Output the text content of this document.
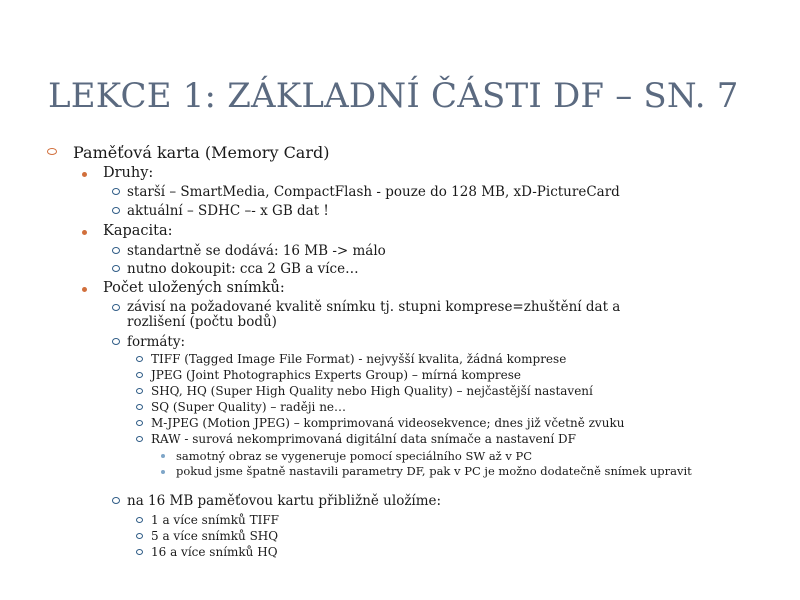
LEKCE 1: ZÁKLADNÍ ČÁSTI DF – SN. 7
Paměťová karta (Memory Card)
Druhy:
starší – SmartMedia, CompactFlash - pouze do 128 MB, xD-PictureCard
aktuální – SDHC –- x GB dat !
Kapacita:
standartně se dodává: 16 MB -> málo
nutno dokoupit: cca 2 GB a více…
Počet uložených snímků:
závisí na požadované kvalitě snímku tj. stupni komprese=zhuštění dat a rozlišení (počtu bodů)
formáty:
TIFF (Tagged Image File Format) - nejvyšší kvalita, žádná komprese
JPEG (Joint Photographics Experts Group) – mírná komprese
SHQ, HQ (Super High Quality nebo High Quality) – nejčastější nastavení
SQ (Super Quality) – raději ne…
M-JPEG (Motion JPEG) – komprimovaná videosekvence; dnes již včetně zvuku
RAW - surová nekomprimovaná digitální data snímače a nastavení DF
samotný obraz se vygeneruje pomocí speciálního SW až v PC
pokud jsme špatně nastavili parametry DF, pak v PC je možno dodatečně snímek upravit
na 16 MB paměťovou kartu přibližně uložíme:
1 a více snímků TIFF
5 a více snímků SHQ
16 a více snímků HQ
